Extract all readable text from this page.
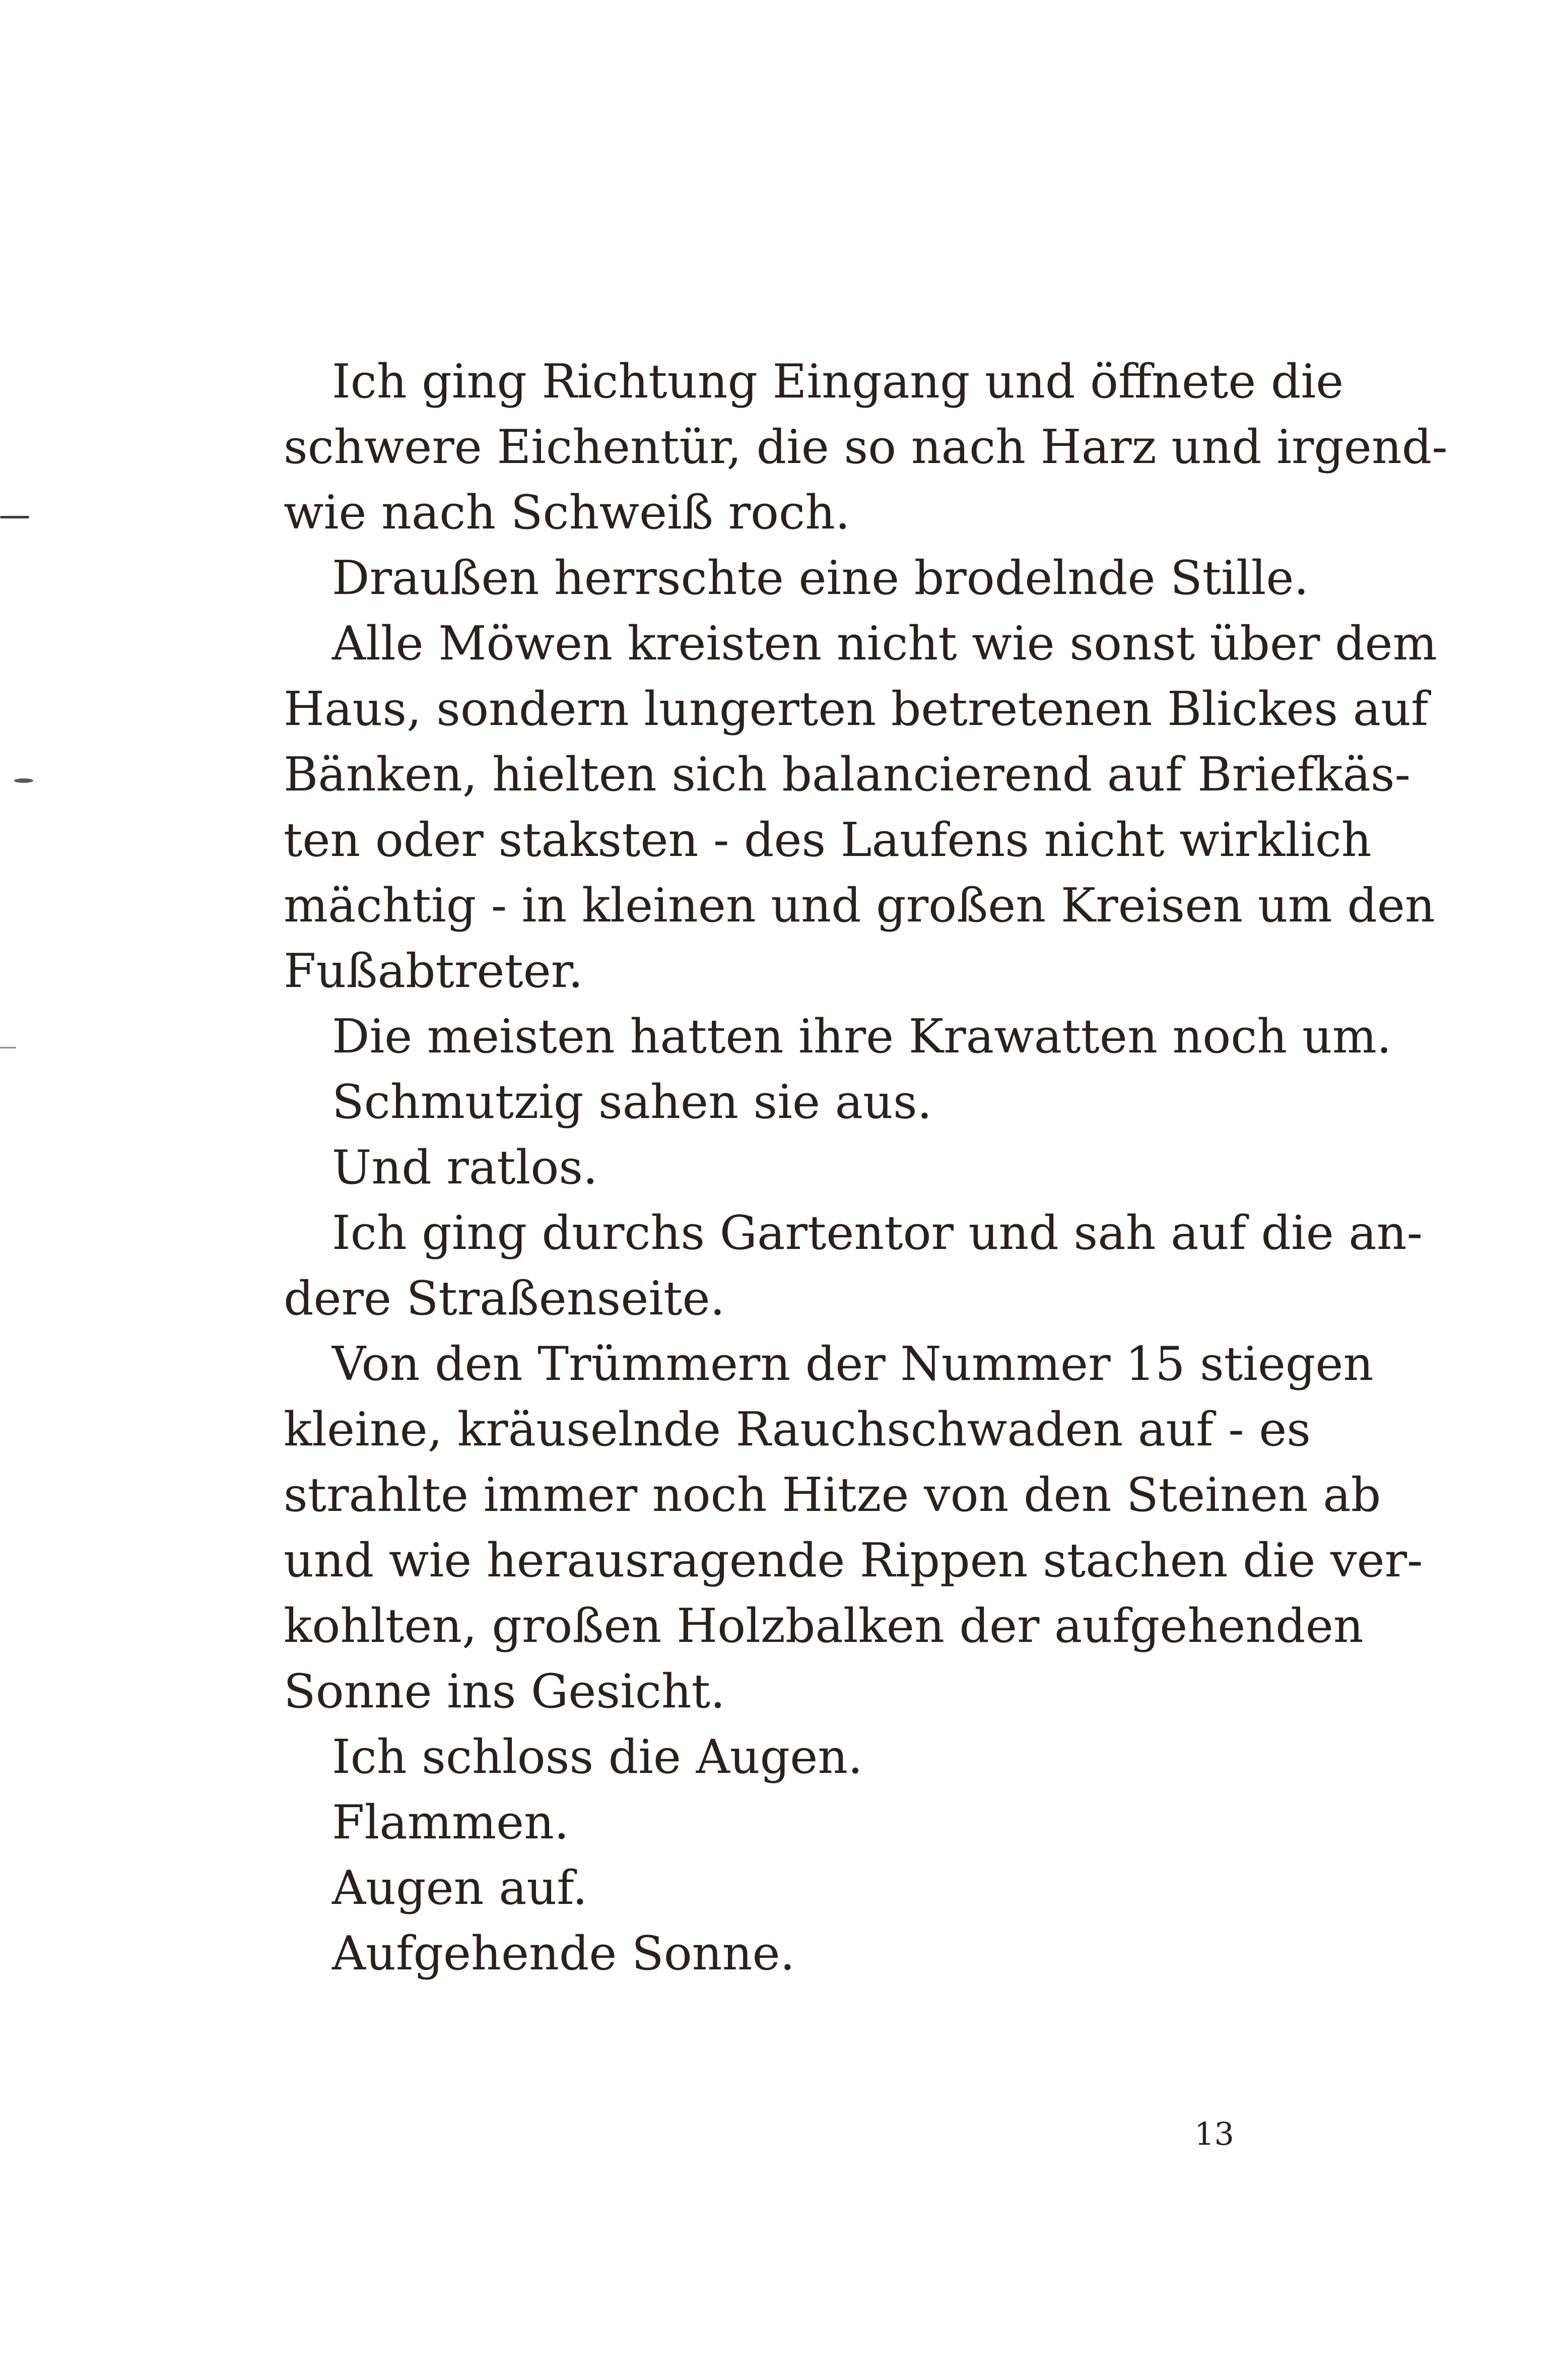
Ich ging Richtung Eingang und öffnete die
schwere Eichentür, die so nach Harz und irgend-
wie nach Schweiß roch.
Draußen herrschte eine brodelnde Stille.
Alle Möwen kreisten nicht wie sonst über dem
Haus, sondern lungerten betretenen Blickes auf
Bänken, hielten sich balancierend auf Briefkäs-
ten oder staksten - des Laufens nicht wirklich
mächtig - in kleinen und großen Kreisen um den
Fußabtreter.
Die meisten hatten ihre Krawatten noch um.
Schmutzig sahen sie aus.
Und ratlos.
Ich ging durchs Gartentor und sah auf die an-
dere Straßenseite.
Von den Trümmern der Nummer 15 stiegen
kleine, kräuselnde Rauchschwaden auf - es
strahlte immer noch Hitze von den Steinen ab
und wie herausragende Rippen stachen die ver-
kohlten, großen Holzbalken der aufgehenden
Sonne ins Gesicht.
Ich schloss die Augen.
Flammen.
Augen auf.
Aufgehende Sonne.
13
